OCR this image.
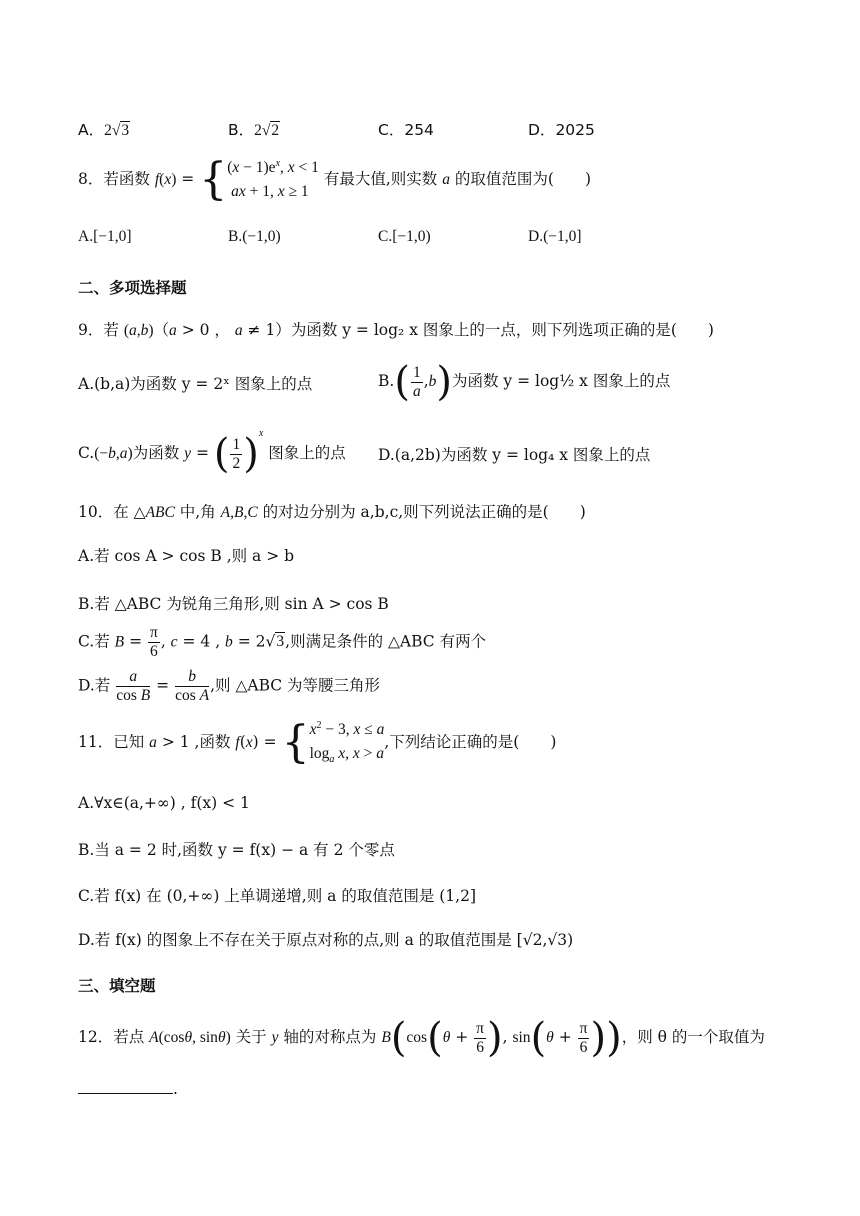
A．2√3	B．2√2	C．254	D．2025
8．若函数 f(x) = { $(x - 1)e^x$, x < 1
ax + 1, x ≥ 1
有最大值,则实数 a 的取值范围为(　　)
A.[−1,0]	B.(−1,0)	C.[−1,0)	D.(−1,0]
二、多项选择题
9．若 (a,b)（a > 0 ， a ≠ 1）为函数 y = log₂ x 图象上的一点，则下列选项正确的是(　　)
A.(b,a)为函数 y = 2ˣ 图象上的点	$B.( \frac{1}{a} ,b)$为函数 y = log½ x 图象上的点
C.(−b,a)为函数 y = ( $\frac{1}{2} )^x$ 图象上的点 D.(a,2b)为函数 y = log₄ x 图象上的点
10．在 △ABC 中,角 A,B,C 的对边分别为 a,b,c,则下列说法正确的是(　　)
A.若 cos A > cos B ,则 a > b
B.若 △ABC 为锐角三角形,则 sin A > cos B
C.若 $B = \frac{\pi}{6}$ , c = 4 , b = 2√3,则满足条件的 △ABC 有两个
D.若 $\frac{a}{\text{cos B}} = \frac{b}{\text{cos A}}$ ,则 △ABC 为等腰三角形
11．已知 a > 1 ,函数 f(x) = { $x^2 - 3$, x ≤ a
$\log_a x$, x > a
,下列结论正确的是(　　)
A.∀x∈(a,+∞) , f(x) < 1
B.当 a = 2 时,函数 y = f(x) − a 有 2 个零点
C.若 f(x) 在 (0,+∞) 上单调递增,则 a 的取值范围是 (1,2]
D.若 f(x) 的图象上不存在关于原点对称的点,则 a 的取值范围是 [√2,√3)
三、填空题
12．若点 A(cosθ, sinθ) 关于 y 轴的对称点为 $B(\cos(\theta + \frac{\pi}{6}$ ), $\sin(\theta + \frac{\pi}{6}$ ))，则 θ 的一个取值为
.
